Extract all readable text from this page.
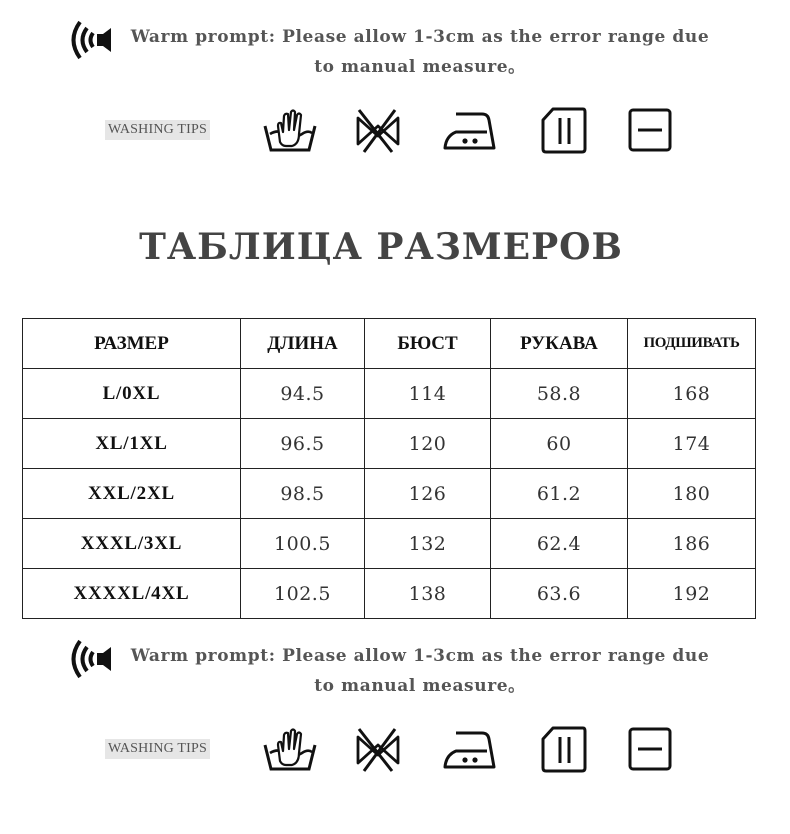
Warm prompt: Please allow 1-3cm as the error range due
to manual measure。
WASHING TIPS
ТАБЛИЦА РАЗМЕРОВ
РАЗМЕР	ДЛИНА	БЮСТ	РУКАВА	ПОДШИВАТЬ
L/0XL	94.5	114	58.8	168
XL/1XL	96.5	120	60	174
XXL/2XL	98.5	126	61.2	180
XXXL/3XL	100.5	132	62.4	186
XXXXL/4XL	102.5	138	63.6	192
Warm prompt: Please allow 1-3cm as the error range due
to manual measure。
WASHING TIPS
